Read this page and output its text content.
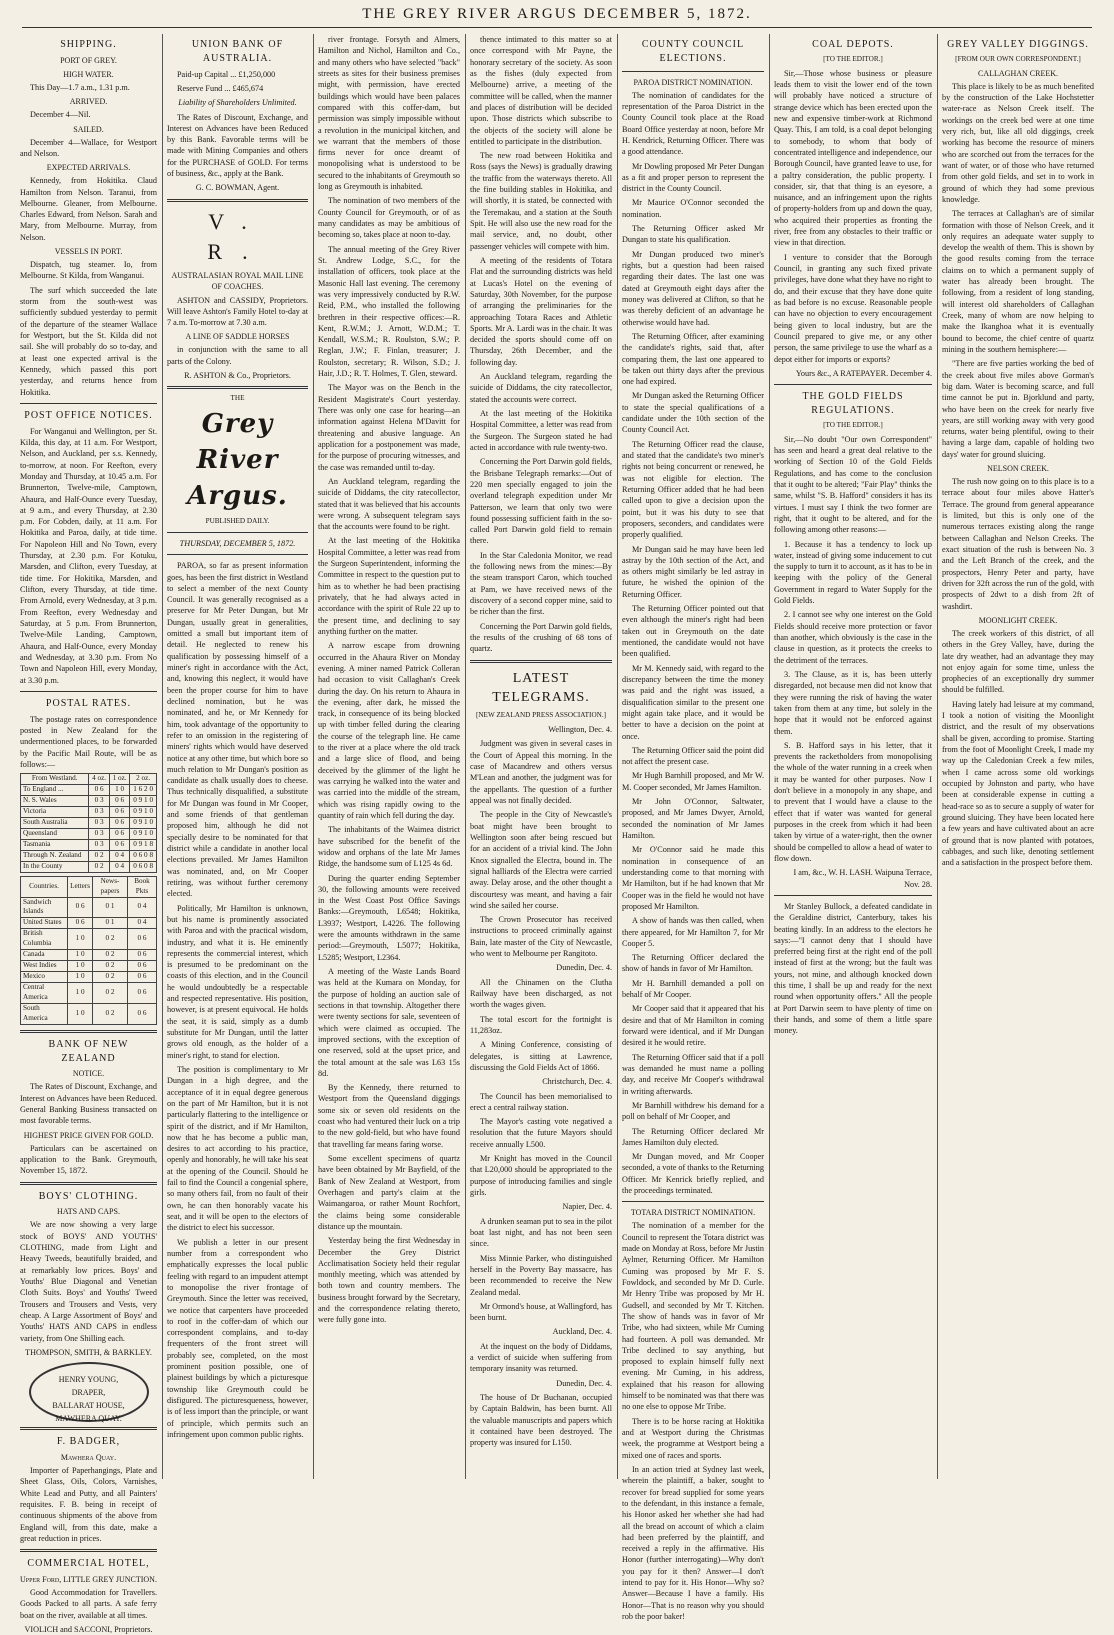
THE GREY RIVER ARGUS DECEMBER 5, 1872.
SHIPPING.
PORT OF GREY.
HIGH WATER.

This Day—1.7 a.m., 1.31 p.m.

ARRIVED.

December 4—Nil.

SAILED.

December 4—Wallace, for Westport and Nelson.

EXPECTED ARRIVALS.

Kennedy, from Hokitika. Claud Hamilton from Nelson. Taranui, from Melbourne. Gleaner, from Melbourne. Charles Edward, from Nelson. Sarah and Mary, from Melbourne. Murray, from Nelson.

VESSELS IN PORT.

Dispatch, tug steamer. Io, from Melbourne. St Kilda, from Wanganui.

The surf which succeeded the late storm from the south-west was sufficiently subdued yesterday to permit of the departure of the steamer Wallace for Westport, but the St. Kilda did not sail. She will probably do so to-day, and at least one expected arrival is the Kennedy, which passed this port yesterday, and returns hence from Hokitika.

POST OFFICE NOTICES.

For Wanganui and Wellington, per St. Kilda, this day, at 11 a.m. For Westport, Nelson, and Auckland, per s.s. Kennedy, to-morrow, at noon. For Reefton, every Monday and Thursday, at 10.45 a.m. For Brunnerton, Twelve-mile, Camptown, Ahaura, and Half-Ounce every Tuesday, at 9 a.m., and every Thursday, at 2.30 p.m. For Cobden, daily, at 11 a.m. For Hokitika and Paroa, daily, at tide time. For Napoleon Hill and No Town, every Thursday, at 2.30 p.m. For Kotuku, Marsden, and Clifton, every Tuesday, at tide time. For Hokitika, Marsden, and Clifton, every Thursday, at tide time. From Arnold, every Wednesday, at 3 p.m. From Reefton, every Wednesday and Saturday, at 5 p.m. From Brunnerton, Twelve-Mile Landing, Camptown, Ahaura, and Half-Ounce, every Monday and Wednesday, at 3.30 p.m. From No Town and Napoleon Hill, every Monday, at 3.30 p.m.

POSTAL RATES.

The postage rates on correspondence posted in New Zealand for the undermentioned places, to be forwarded by the Pacific Mail Route, will be as follows:—

From Westland.	4 oz.	1 oz.	2 oz.
To England ...	0 6	1 0	1 6 2 0
N. S. Wales	0 3	0 6	0 9 1 0
Victoria	0 3	0 6	0 9 1 0
South Australia	0 3	0 6	0 9 1 0
Queensland	0 3	0 6	0 9 1 0
Tasmania	0 3	0 6	0 9 1 8
Through N. Zealand	0 2	0 4	0 6 0 8
In the County	0 2	0 4	0 6 0 8
Countries.	Letters	News-papers	Book Pkts
Sandwich Islands	0 6	0 1	0 4
United States	0 6	0 1	0 4
British Columbia	1 0	0 2	0 6
Canada	1 0	0 2	0 6
West Indies	1 0	0 2	0 6
Mexico	1 0	0 2	0 6
Central America	1 0	0 2	0 6
South America	1 0	0 2	0 6
BANK OF NEW ZEALAND
NOTICE.

The Rates of Discount, Exchange, and Interest on Advances have been Reduced. General Banking Business transacted on most favorable terms.

HIGHEST PRICE GIVEN FOR GOLD.

Particulars can be ascertained on application to the Bank. Greymouth, November 15, 1872.

BOYS' CLOTHING.
HATS AND CAPS.

We are now showing a very large stock of BOYS' AND YOUTHS' CLOTHING, made from Light and Heavy Tweeds, beautifully braided, and at remarkably low prices. Boys' and Youths' Blue Diagonal and Venetian Cloth Suits. Boys' and Youths' Tweed Trousers and Trousers and Vests, very cheap. A Large Assortment of Boys' and Youths' HATS AND CAPS in endless variety, from One Shilling each.

THOMPSON, SMITH, & BARKLEY.

HENRY YOUNG,
DRAPER,
BALLARAT HOUSE,
MAWHERA QUAY.
F. BADGER,
Mawhera Quay.

Importer of Paperhangings, Plate and Sheet Glass, Oils, Colors, Varnishes, White Lead and Putty, and all Painters' requisites. F. B. being in receipt of continuous shipments of the above from England will, from this date, make a great reduction in prices.

COMMERCIAL HOTEL,
Upper Ford, LITTLE GREY JUNCTION.

Good Accommodation for Travellers. Goods Packed to all parts. A safe ferry boat on the river, available at all times.

VIOLICH and SACCONI, Proprietors.

UNION BANK OF AUSTRALIA.

Paid-up Capital ... £1,250,000

Reserve Fund ... £465,674

Liability of Shareholders Unlimited.

The Rates of Discount, Exchange, and Interest on Advances have been Reduced by this Bank. Favorable terms will be made with Mining Companies and others for the PURCHASE of GOLD. For terms of business, &c., apply at the Bank.

G. C. BOWMAN, Agent.

V. R.
AUSTRALASIAN ROYAL MAIL LINE OF COACHES.

ASHTON and CASSIDY, Proprietors. Will leave Ashton's Family Hotel to-day at 7 a.m. To-morrow at 7.30 a.m.

A LINE OF SADDLE HORSES

in conjunction with the same to all parts of the Colony.

R. ASHTON & Co., Proprietors.

THE

Grey River Argus.

PUBLISHED DAILY.

THURSDAY, DECEMBER 5, 1872.

PAROA, so far as present information goes, has been the first district in Westland to select a member of the next County Council. It was generally recognised as a preserve for Mr Peter Dungan, but Mr Dungan, usually great in generalities, omitted a small but important item of detail. He neglected to renew his qualification by possessing himself of a miner's right in accordance with the Act, and, knowing this neglect, it would have been the proper course for him to have declined nomination, but he was nominated, and he, or Mr Kennedy for him, took advantage of the opportunity to refer to an omission in the registering of miners' rights which would have deserved notice at any other time, but which bore so much relation to Mr Dungan's position as candidate as chalk usually does to cheese. Thus technically disqualified, a substitute for Mr Dungan was found in Mr Cooper, and some friends of that gentleman proposed him, although he did not specially desire to be nominated for that district while a candidate in another local elections prevailed. Mr James Hamilton was nominated, and, on Mr Cooper retiring, was without further ceremony elected.

Politically, Mr Hamilton is unknown, but his name is prominently associated with Paroa and with the practical wisdom, industry, and what it is. He eminently represents the commercial interest, which is presumed to be predominant on the coasts of this election, and in the Council he would undoubtedly be a respectable and respected representative. His position, however, is at present equivocal. He holds the seat, it is said, simply as a dumb substitute for Mr Dungan, until the latter grows old enough, as the holder of a miner's right, to stand for election.

The position is complimentary to Mr Dungan in a high degree, and the acceptance of it in equal degree generous on the part of Mr Hamilton, but it is not particularly flattering to the intelligence or spirit of the district, and if Mr Hamilton, now that he has become a public man, desires to act according to his practice, openly and honorably, he will take his seat at the opening of the Council. Should he fail to find the Council a congenial sphere, so many others fail, from no fault of their own, he can then honorably vacate his seat, and it will be open to the electors of the district to elect his successor.

We publish a letter in our present number from a correspondent who emphatically expresses the local public feeling with regard to an impudent attempt to monopolise the river frontage of Greymouth. Since the letter was received, we notice that carpenters have proceeded to roof in the coffer-dam of which our correspondent complains, and to-day frequenters of the front street will probably see, completed, on the most prominent position possible, one of plainest buildings by which a picturesque township like Greymouth could be disfigured. The picturesqueness, however, is of less import than the principle, or want of principle, which permits such an infringement upon common public rights.

river frontage. Forsyth and Almers, Hamilton and Nichol, Hamilton and Co., and many others who have selected "back" streets as sites for their business premises might, with permission, have erected buildings which would have been palaces compared with this coffer-dam, but permission was simply impossible without a revolution in the municipal kitchen, and we warrant that the members of those firms never for once dreamt of monopolising what is understood to be secured to the inhabitants of Greymouth so long as Greymouth is inhabited.

The nomination of two members of the County Council for Greymouth, or of as many candidates as may be ambitious of becoming so, takes place at noon to-day.

The annual meeting of the Grey River St. Andrew Lodge, S.C., for the installation of officers, took place at the Masonic Hall last evening. The ceremony was very impressively conducted by R.W. Reid, P.M., who installed the following brethren in their respective offices:—R. Kent, R.W.M.; J. Arnott, W.D.M.; T. Kendall, W.S.M.; R. Roulston, S.W.; P. Reglan, J.W.; F. Finlan, treasurer; J. Roulston, secretary; R. Wilson, S.D.; J. Hair, J.D.; R. T. Holmes, T. Glen, steward.

The Mayor was on the Bench in the Resident Magistrate's Court yesterday. There was only one case for hearing—an information against Helena M'Davitt for threatening and abusive language. An application for a postponement was made, for the purpose of procuring witnesses, and the case was remanded until to-day.

An Auckland telegram, regarding the suicide of Diddams, the city ratecollector, stated that it was believed that his accounts were wrong. A subsequent telegram says that the accounts were found to be right.

At the last meeting of the Hokitika Hospital Committee, a letter was read from the Surgeon Superintendent, informing the Committee in respect to the question put to him as to whether he had been practising privately, that he had always acted in accordance with the spirit of Rule 22 up to the present time, and declining to say anything further on the matter.

A narrow escape from drowning occurred in the Ahaura River on Monday evening. A miner named Patrick Colleran had occasion to visit Callaghan's Creek during the day. On his return to Ahaura in the evening, after dark, he missed the track, in consequence of its being blocked up with timber felled during the clearing the course of the telegraph line. He came to the river at a place where the old track and a large slice of flood, and being deceived by the glimmer of the light he was carrying he walked into the water and was carried into the middle of the stream, which was rising rapidly owing to the quantity of rain which fell during the day.

The inhabitants of the Waimea district have subscribed for the benefit of the widow and orphans of the late Mr James Ridge, the handsome sum of L125 4s 6d.

During the quarter ending September 30, the following amounts were received in the West Coast Post Office Savings Banks:—Greymouth, L6548; Hokitika, L3937; Westport, L4226. The following were the amounts withdrawn in the same period:—Greymouth, L5077; Hokitika, L5285; Westport, L2364.

A meeting of the Waste Lands Board was held at the Kumara on Monday, for the purpose of holding an auction sale of sections in that township. Altogether there were twenty sections for sale, seventeen of which were claimed as occupied. The improved sections, with the exception of one reserved, sold at the upset price, and the total amount at the sale was L63 15s 8d.

By the Kennedy, there returned to Westport from the Queensland diggings some six or seven old residents on the coast who had ventured their luck on a trip to the new gold-field, but who have found that travelling far means faring worse.

Some excellent specimens of quartz have been obtained by Mr Bayfield, of the Bank of New Zealand at Westport, from Overhagen and party's claim at the Waimangaroa, or rather Mount Rochfort, the claims being some considerable distance up the mountain.

Yesterday being the first Wednesday in December the Grey District Acclimatisation Society held their regular monthly meeting, which was attended by both town and country members. The business brought forward by the Secretary, and the correspondence relating thereto, were fully gone into.

thence intimated to this matter so at once correspond with Mr Payne, the honorary secretary of the society. As soon as the fishes (duly expected from Melbourne) arrive, a meeting of the committee will be called, when the manner and places of distribution will be decided upon. Those districts which subscribe to the objects of the society will alone be entitled to participate in the distribution.

The new road between Hokitika and Ross (says the News) is gradually drawing the traffic from the waterways thereto. All the fine building stables in Hokitika, and will shortly, it is stated, be connected with the Teremakau, and a station at the South Spit. He will also use the new road for the mail service, and, no doubt, other passenger vehicles will compete with him.

A meeting of the residents of Totara Flat and the surrounding districts was held at Lucas's Hotel on the evening of Saturday, 30th November, for the purpose of arranging the preliminaries for the approaching Totara Races and Athletic Sports. Mr A. Lardi was in the chair. It was decided the sports should come off on Thursday, 26th December, and the following day.

An Auckland telegram, regarding the suicide of Diddams, the city ratecollector, stated the accounts were correct.

At the last meeting of the Hokitika Hospital Committee, a letter was read from the Surgeon. The Surgeon stated he had acted in accordance with rule twenty-two.

Concerning the Port Darwin gold fields, the Brisbane Telegraph remarks:—Out of 220 men specially engaged to join the overland telegraph expedition under Mr Patterson, we learn that only two were found possessing sufficient faith in the so-called Port Darwin gold field to remain there.

In the Star Caledonia Monitor, we read the following news from the mines:—By the steam transport Caron, which touched at Pam, we have received news of the discovery of a second copper mine, said to be richer than the first.

Concerning the Port Darwin gold fields, the results of the crushing of 68 tons of quartz.

LATEST TELEGRAMS.

[NEW ZEALAND PRESS ASSOCIATION.]

Wellington, Dec. 4.

Judgment was given in several cases in the Court of Appeal this morning. In the case of Macandrew and others versus M'Lean and another, the judgment was for the appellants. The question of a further appeal was not finally decided.

The people in the City of Newcastle's boat might have been brought to Wellington soon after being rescued but for an accident of a trivial kind. The John Knox signalled the Electra, bound in. The signal halliards of the Electra were carried away. Delay arose, and the other thought a discourtesy was meant, and having a fair wind she sailed her course.

The Crown Prosecutor has received instructions to proceed criminally against Bain, late master of the City of Newcastle, who went to Melbourne per Rangitoto.

Dunedin, Dec. 4.

All the Chinamen on the Clutha Railway have been discharged, as not worth the wages given.

The total escort for the fortnight is 11,283oz.

A Mining Conference, consisting of delegates, is sitting at Lawrence, discussing the Gold Fields Act of 1866.

Christchurch, Dec. 4.

The Council has been memorialised to erect a central railway station.

The Mayor's casting vote negatived a resolution that the future Mayors should receive annually L500.

Mr Knight has moved in the Council that L20,000 should be appropriated to the purpose of introducing families and single girls.

Napier, Dec. 4.

A drunken seaman put to sea in the pilot boat last night, and has not been seen since.

Miss Minnie Parker, who distinguished herself in the Poverty Bay massacre, has been recommended to receive the New Zealand medal.

Mr Ormond's house, at Wallingford, has been burnt.

Auckland, Dec. 4.

At the inquest on the body of Diddams, a verdict of suicide when suffering from temporary insanity was returned.

Dunedin, Dec. 4.

The house of Dr Buchanan, occupied by Captain Baldwin, has been burnt. All the valuable manuscripts and papers which it contained have been destroyed. The property was insured for L150.

COUNTY COUNCIL ELECTIONS.
PAROA DISTRICT NOMINATION.

The nomination of candidates for the representation of the Paroa District in the County Council took place at the Road Board Office yesterday at noon, before Mr H. Kendrick, Returning Officer. There was a good attendance.

Mr Dowling proposed Mr Peter Dungan as a fit and proper person to represent the district in the County Council.

Mr Maurice O'Connor seconded the nomination.

The Returning Officer asked Mr Dungan to state his qualification.

Mr Dungan produced two miner's rights, but a question had been raised regarding their dates. The last one was dated at Greymouth eight days after the money was delivered at Clifton, so that he was thereby deficient of an advantage he otherwise would have had.

The Returning Officer, after examining the candidate's rights, said that, after comparing them, the last one appeared to be taken out thirty days after the previous one had expired.

Mr Dungan asked the Returning Officer to state the special qualifications of a candidate under the 10th section of the County Council Act.

The Returning Officer read the clause, and stated that the candidate's two miner's rights not being concurrent or renewed, he was not eligible for election. The Returning Officer added that he had been called upon to give a decision upon the point, but it was his duty to see that proposers, seconders, and candidates were properly qualified.

Mr Dungan said he may have been led astray by the 10th section of the Act, and as others might similarly be led astray in future, he wished the opinion of the Returning Officer.

The Returning Officer pointed out that even although the miner's right had been taken out in Greymouth on the date mentioned, the candidate would not have been qualified.

Mr M. Kennedy said, with regard to the discrepancy between the time the money was paid and the right was issued, a disqualification similar to the present one might again take place, and it would be better to have a decision on the point at once.

The Returning Officer said the point did not affect the present case.

Mr Hugh Barnhill proposed, and Mr W. M. Cooper seconded, Mr James Hamilton.

Mr John O'Connor, Saltwater, proposed, and Mr James Dwyer, Arnold, seconded the nomination of Mr James Hamilton.

Mr O'Connor said he made this nomination in consequence of an understanding come to that morning with Mr Hamilton, but if he had known that Mr Cooper was in the field he would not have proposed Mr Hamilton.

A show of hands was then called, when there appeared, for Mr Hamilton 7, for Mr Cooper 5.

The Returning Officer declared the show of hands in favor of Mr Hamilton.

Mr H. Barnhill demanded a poll on behalf of Mr Cooper.

Mr Cooper said that it appeared that his desire and that of Mr Hamilton in coming forward were identical, and if Mr Dungan desired it he would retire.

The Returning Officer said that if a poll was demanded he must name a polling day, and receive Mr Cooper's withdrawal in writing afterwards.

Mr Barnhill withdrew his demand for a poll on behalf of Mr Cooper, and

The Returning Officer declared Mr James Hamilton duly elected.

Mr Dungan moved, and Mr Cooper seconded, a vote of thanks to the Returning Officer. Mr Kenrick briefly replied, and the proceedings terminated.

TOTARA DISTRICT NOMINATION.

The nomination of a member for the Council to represent the Totara district was made on Monday at Ross, before Mr Justin Aylmer, Returning Officer. Mr Hamilton Cuming was proposed by Mr F. S. Fowldock, and seconded by Mr D. Curle. Mr Henry Tribe was proposed by Mr H. Gudsell, and seconded by Mr T. Kitchen. The show of hands was in favor of Mr Tribe, who had sixteen, while Mr Cuming had fourteen. A poll was demanded. Mr Tribe declined to say anything, but proposed to explain himself fully next evening. Mr Cuming, in his address, explained that his reason for allowing himself to be nominated was that there was no one else to oppose Mr Tribe.

There is to be horse racing at Hokitika and at Westport during the Christmas week, the programme at Westport being a mixed one of races and sports.

In an action tried at Sydney last week, wherein the plaintiff, a baker, sought to recover for bread supplied for some years to the defendant, in this instance a female, his Honor asked her whether she had had all the bread on account of which a claim had been preferred by the plaintiff, and received a reply in the affirmative. His Honor (further interrogating)—Why don't you pay for it then? Answer—I don't intend to pay for it. His Honor—Why so? Answer—Because I have a family. His Honor—That is no reason why you should rob the poor baker!

COAL DEPOTS.

[TO THE EDITOR.]

Sir,—Those whose business or pleasure leads them to visit the lower end of the town will probably have noticed a structure of strange device which has been erected upon the new and expensive timber-work at Richmond Quay. This, I am told, is a coal depot belonging to somebody, to whom that body of concentrated intelligence and independence, our Borough Council, have granted leave to use, for a paltry consideration, the public property. I consider, sir, that that thing is an eyesore, a nuisance, and an infringement upon the rights of property-holders from up and down the quay, who acquired their properties as fronting the river, free from any obstacles to their traffic or view in that direction.

I venture to consider that the Borough Council, in granting any such fixed private privileges, have done what they have no right to do, and their excuse that they have done quite as bad before is no excuse. Reasonable people can have no objection to every encouragement being given to local industry, but are the Council prepared to give me, or any other person, the same privilege to use the wharf as a depot either for imports or exports?

Yours &c., A RATEPAYER. December 4.

THE GOLD FIELDS REGULATIONS.

[TO THE EDITOR.]

Sir,—No doubt "Our own Correspondent" has seen and heard a great deal relative to the working of Section 10 of the Gold Fields Regulations, and has come to the conclusion that it ought to be altered; "Fair Play" thinks the same, whilst "S. B. Hafford" considers it has its virtues. I must say I think the two former are right, that it ought to be altered, and for the following among other reasons:—

1. Because it has a tendency to lock up water, instead of giving some inducement to cut the supply to turn it to account, as it has to be in keeping with the policy of the General Government in regard to Water Supply for the Gold Fields.

2. I cannot see why one interest on the Gold Fields should receive more protection or favor than another, which obviously is the case in the clause in question, as it protects the creeks to the detriment of the terraces.

3. The Clause, as it is, has been utterly disregarded, not because men did not know that they were running the risk of having the water taken from them at any time, but solely in the hope that it would not be enforced against them.

S. B. Hafford says in his letter, that it prevents the racketholders from monopolising the whole of the water running in a creek when it may be wanted for other purposes. Now I don't believe in a monopoly in any shape, and to prevent that I would have a clause to the effect that if water was wanted for general purposes in the creek from which it had been taken by virtue of a water-right, then the owner should be compelled to allow a head of water to flow down.

I am, &c., W. H. LASH. Waipuna Terrace, Nov. 28.

Mr Stanley Bullock, a defeated candidate in the Geraldine district, Canterbury, takes his beating kindly. In an address to the electors he says:—"I cannot deny that I should have preferred being first at the right end of the poll instead of first at the wrong; but the fault was yours, not mine, and although knocked down this time, I shall be up and ready for the next round when opportunity offers." All the people at Port Darwin seem to have plenty of time on their hands, and some of them a little spare money.

GREY VALLEY DIGGINGS.

[FROM OUR OWN CORRESPONDENT.]

CALLAGHAN CREEK.

This place is likely to be as much benefited by the construction of the Lake Hochstetter water-race as Nelson Creek itself. The workings on the creek bed were at one time very rich, but, like all old diggings, creek working has become the resource of miners who are scorched out from the terraces for the want of water, or of those who have returned from other gold fields, and set in to work in ground of which they had some previous knowledge.

The terraces at Callaghan's are of similar formation with those of Nelson Creek, and it only requires an adequate water supply to develop the wealth of them. This is shown by the good results coming from the terrace claims on to which a permanent supply of water has already been brought. The following, from a resident of long standing, will interest old shareholders of Callaghan Creek, many of whom are now helping to make the Ikanghoa what it is eventually bound to become, the chief centre of quartz mining in the southern hemisphere:—

"There are five parties working the bed of the creek about five miles above Gorman's big dam. Water is becoming scarce, and full time cannot be put in. Bjorklund and party, who have been on the creek for nearly five years, are still working away with very good returns, water being plentiful, owing to their having a large dam, capable of holding two days' water for ground sluicing.

NELSON CREEK.

The rush now going on to this place is to a terrace about four miles above Hatter's Terrace. The ground from general appearance is limited, but this is only one of the numerous terraces existing along the range between Callaghan and Nelson Creeks. The exact situation of the rush is between No. 3 and the Left Branch of the creek, and the prospectors, Henry Peter and party, have driven for 32ft across the run of the gold, with prospects of 2dwt to a dish from 2ft of washdirt.

MOONLIGHT CREEK.

The creek workers of this district, of all others in the Grey Valley, have, during the late dry weather, had an advantage they may not enjoy again for some time, unless the prophecies of an exceptionally dry summer should be fulfilled.

Having lately had leisure at my command, I took a notion of visiting the Moonlight district, and the result of my observations shall be given, according to promise. Starting from the foot of Moonlight Creek, I made my way up the Caledonian Creek a few miles, when I came across some old workings occupied by Johnston and party, who have been at considerable expense in cutting a head-race so as to secure a supply of water for ground sluicing. They have been located here a few years and have cultivated about an acre of ground that is now planted with potatoes, cabbages, and such like, denoting settlement and a satisfaction in the prospect before them.
